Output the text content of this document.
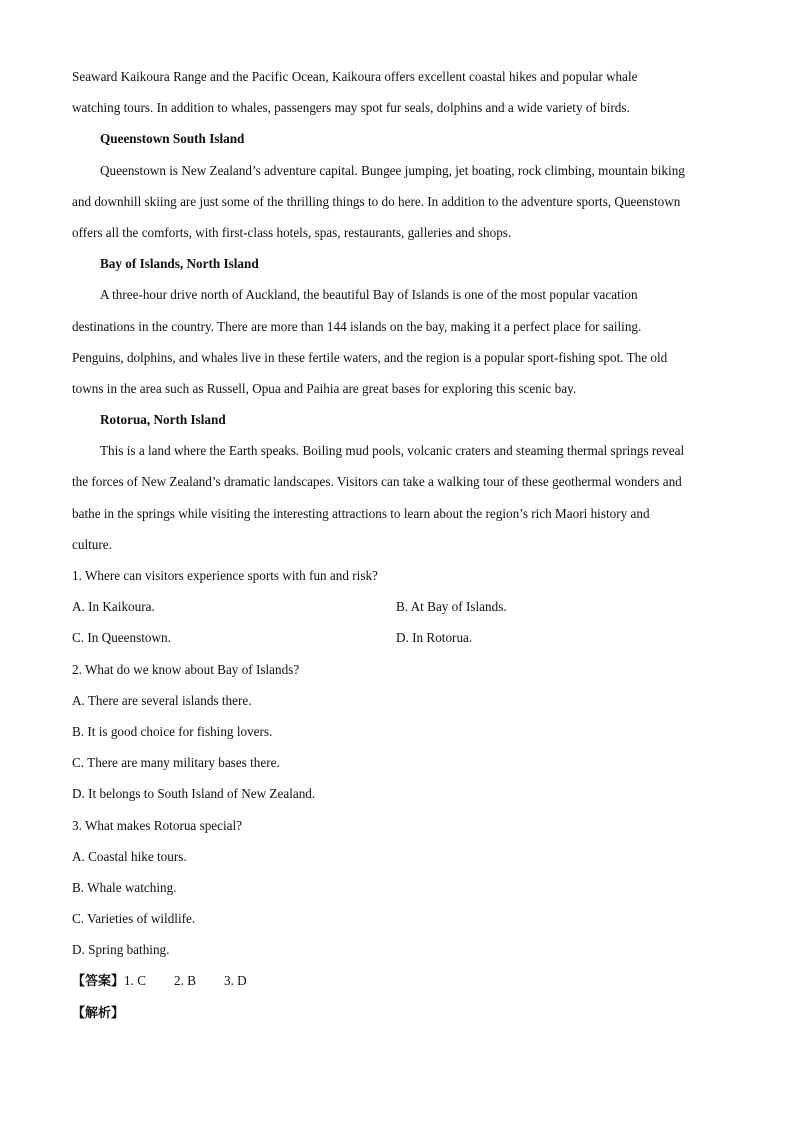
Seaward Kaikoura Range and the Pacific Ocean, Kaikoura offers excellent coastal hikes and popular whale
watching tours. In addition to whales, passengers may spot fur seals, dolphins and a wide variety of birds.
Queenstown South Island
Queenstown is New Zealand’s adventure capital. Bungee jumping, jet boating, rock climbing, mountain biking
and downhill skiing are just some of the thrilling things to do here. In addition to the adventure sports, Queenstown
offers all the comforts, with first-class hotels, spas, restaurants, galleries and shops.
Bay of Islands, North Island
A three-hour drive north of Auckland, the beautiful Bay of Islands is one of the most popular vacation
destinations in the country. There are more than 144 islands on the bay, making it a perfect place for sailing.
Penguins, dolphins, and whales live in these fertile waters, and the region is a popular sport-fishing spot. The old
towns in the area such as Russell, Opua and Paihia are great bases for exploring this scenic bay.
Rotorua, North Island
This is a land where the Earth speaks. Boiling mud pools, volcanic craters and steaming thermal springs reveal
the forces of New Zealand’s dramatic landscapes. Visitors can take a walking tour of these geothermal wonders and
bathe in the springs while visiting the interesting attractions to learn about the region’s rich Maori history and
culture.
1. Where can visitors experience sports with fun and risk?
A. In Kaikoura.	B. At Bay of Islands.
C. In Queenstown.	D. In Rotorua.
2. What do we know about Bay of Islands?
A. There are several islands there.
B. It is good choice for fishing lovers.
C. There are many military bases there.
D. It belongs to South Island of New Zealand.
3. What makes Rotorua special?
A. Coastal hike tours.
B. Whale watching.
C. Varieties of wildlife.
D. Spring bathing.
【答案】1. C 2. B 3. D
【解析】
